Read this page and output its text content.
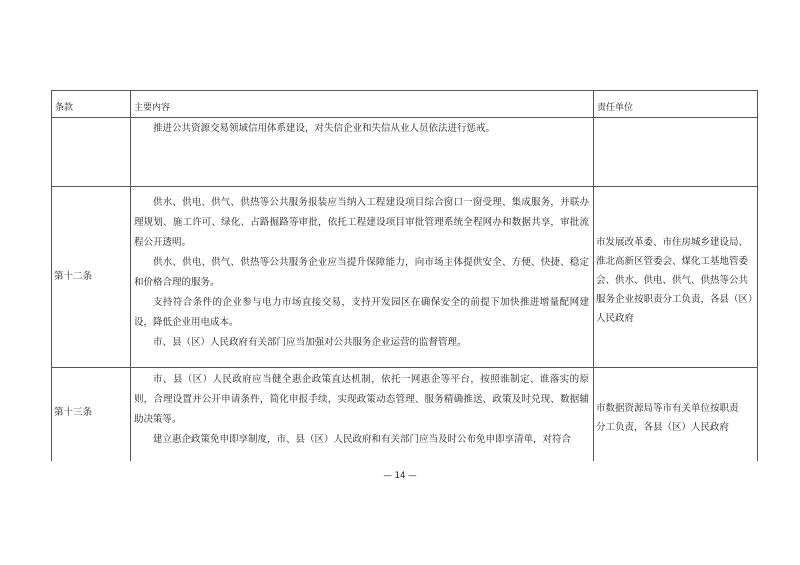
条款	主要内容	责任单位

推进公共资源交易领域信用体系建设，对失信企业和失信从业人员依法进行惩戒。

第十二条

供水、供电、供气、供热等公共服务报装应当纳入工程建设项目综合窗口一窗受理、集成服务，并联办理规划、施工许可、绿化、占路掘路等审批，依托工程建设项目审批管理系统全程网办和数据共享，审批流程公开透明。

供水、供电、供气、供热等公共服务企业应当提升保障能力，向市场主体提供安全、方便、快捷、稳定和价格合理的服务。

支持符合条件的企业参与电力市场直接交易，支持开发园区在确保安全的前提下加快推进增量配网建设，降低企业用电成本。

市、县（区）人民政府有关部门应当加强对公共服务企业运营的监督管理。

市发展改革委、市住房城乡建设局、

淮北高新区管委会、煤化工基地管委

会、供水、供电、供气、供热等公共

服务企业按职责分工负责，各县（区）

人民政府

第十三条

市、县（区）人民政府应当健全惠企政策直达机制，依托一网惠企等平台，按照谁制定、谁落实的原则，合理设置并公开申请条件，简化申报手续，实现政策动态管理、服务精确推送、政策及时兑现、数据辅助决策等。

建立惠企政策免申即享制度，市、县（区）人民政府和有关部门应当及时公布免申即享清单，对符合

市数据资源局等市有关单位按职责

分工负责，各县（区）人民政府

— 14 —
